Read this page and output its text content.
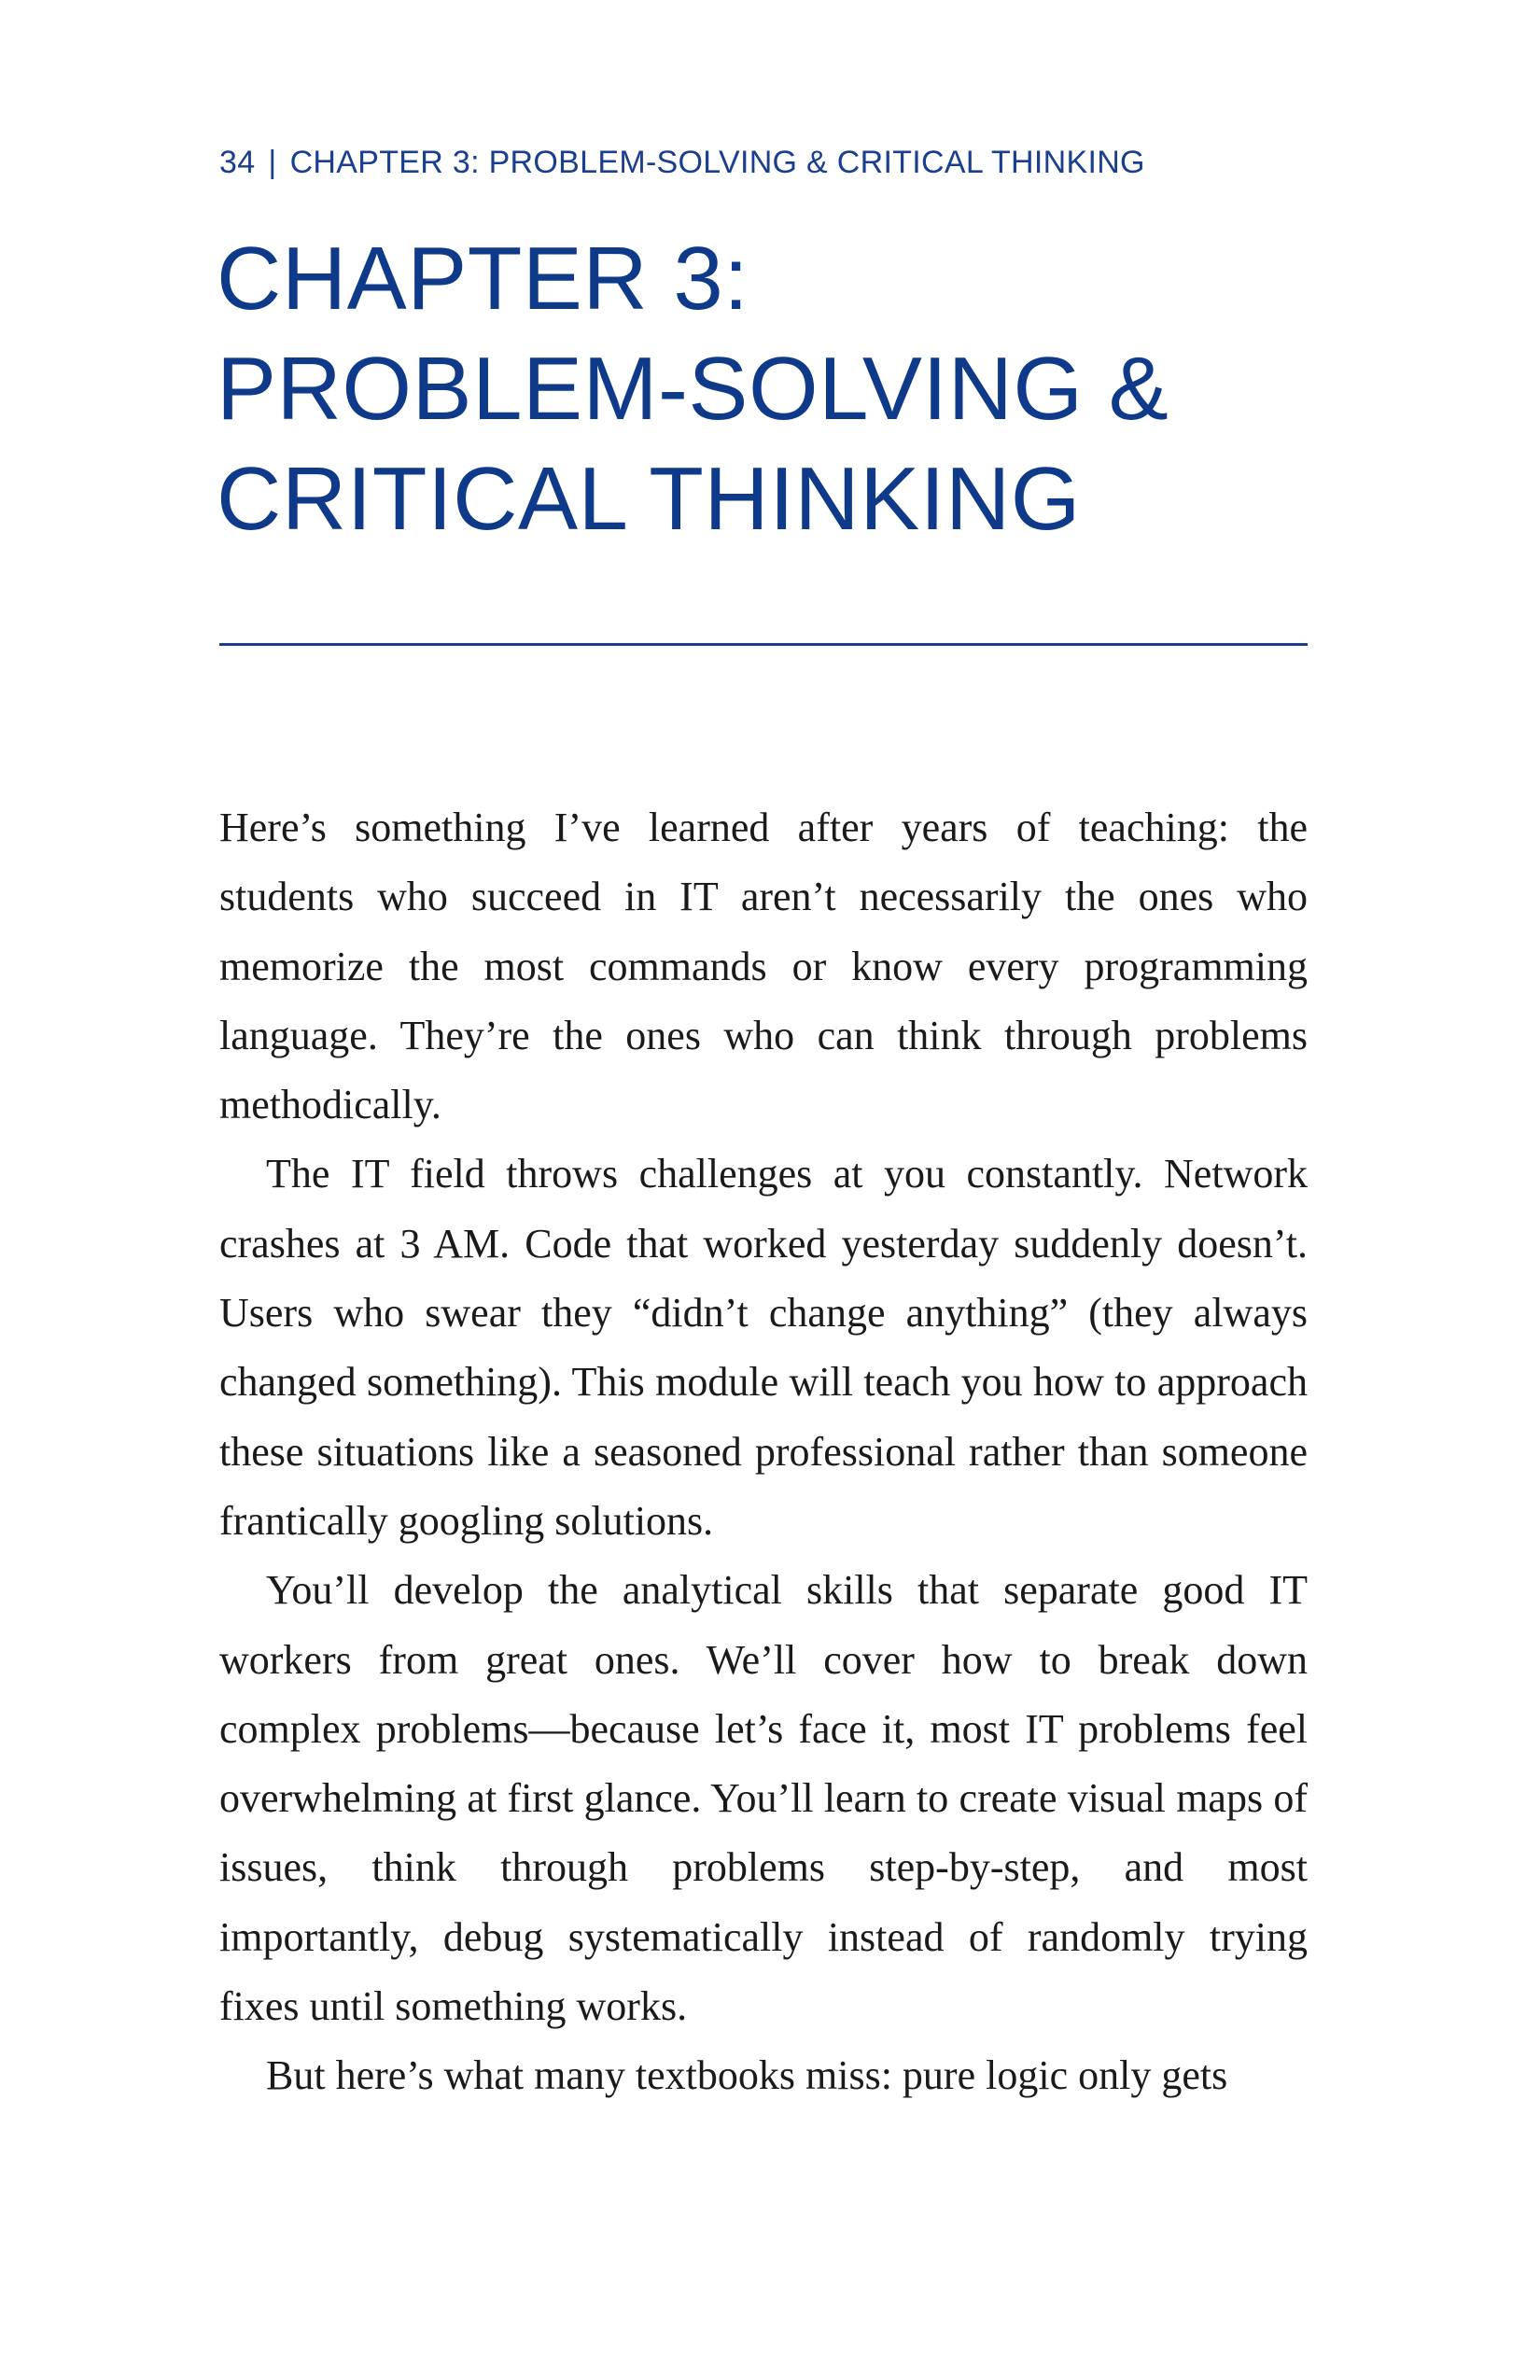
34 | CHAPTER 3: PROBLEM-SOLVING & CRITICAL THINKING
CHAPTER 3:
PROBLEM-SOLVING &
CRITICAL THINKING

Here’s something I’ve learned after years of teaching: the students who succeed in IT aren’t necessarily the ones who memorize the most commands or know every programming language. They’re the ones who can think through problems methodically.

The IT field throws challenges at you constantly. Network crashes at 3 AM. Code that worked yesterday suddenly doesn’t. Users who swear they “didn’t change anything” (they always changed something). This module will teach you how to approach these situations like a seasoned professional rather than someone frantically googling solutions.

You’ll develop the analytical skills that separate good IT workers from great ones. We’ll cover how to break down complex problems—because let’s face it, most IT problems feel overwhelming at first glance. You’ll learn to create visual maps of issues, think through problems step-by-step, and most importantly, debug systematically instead of randomly trying fixes until something works.

But here’s what many textbooks miss: pure logic only gets
